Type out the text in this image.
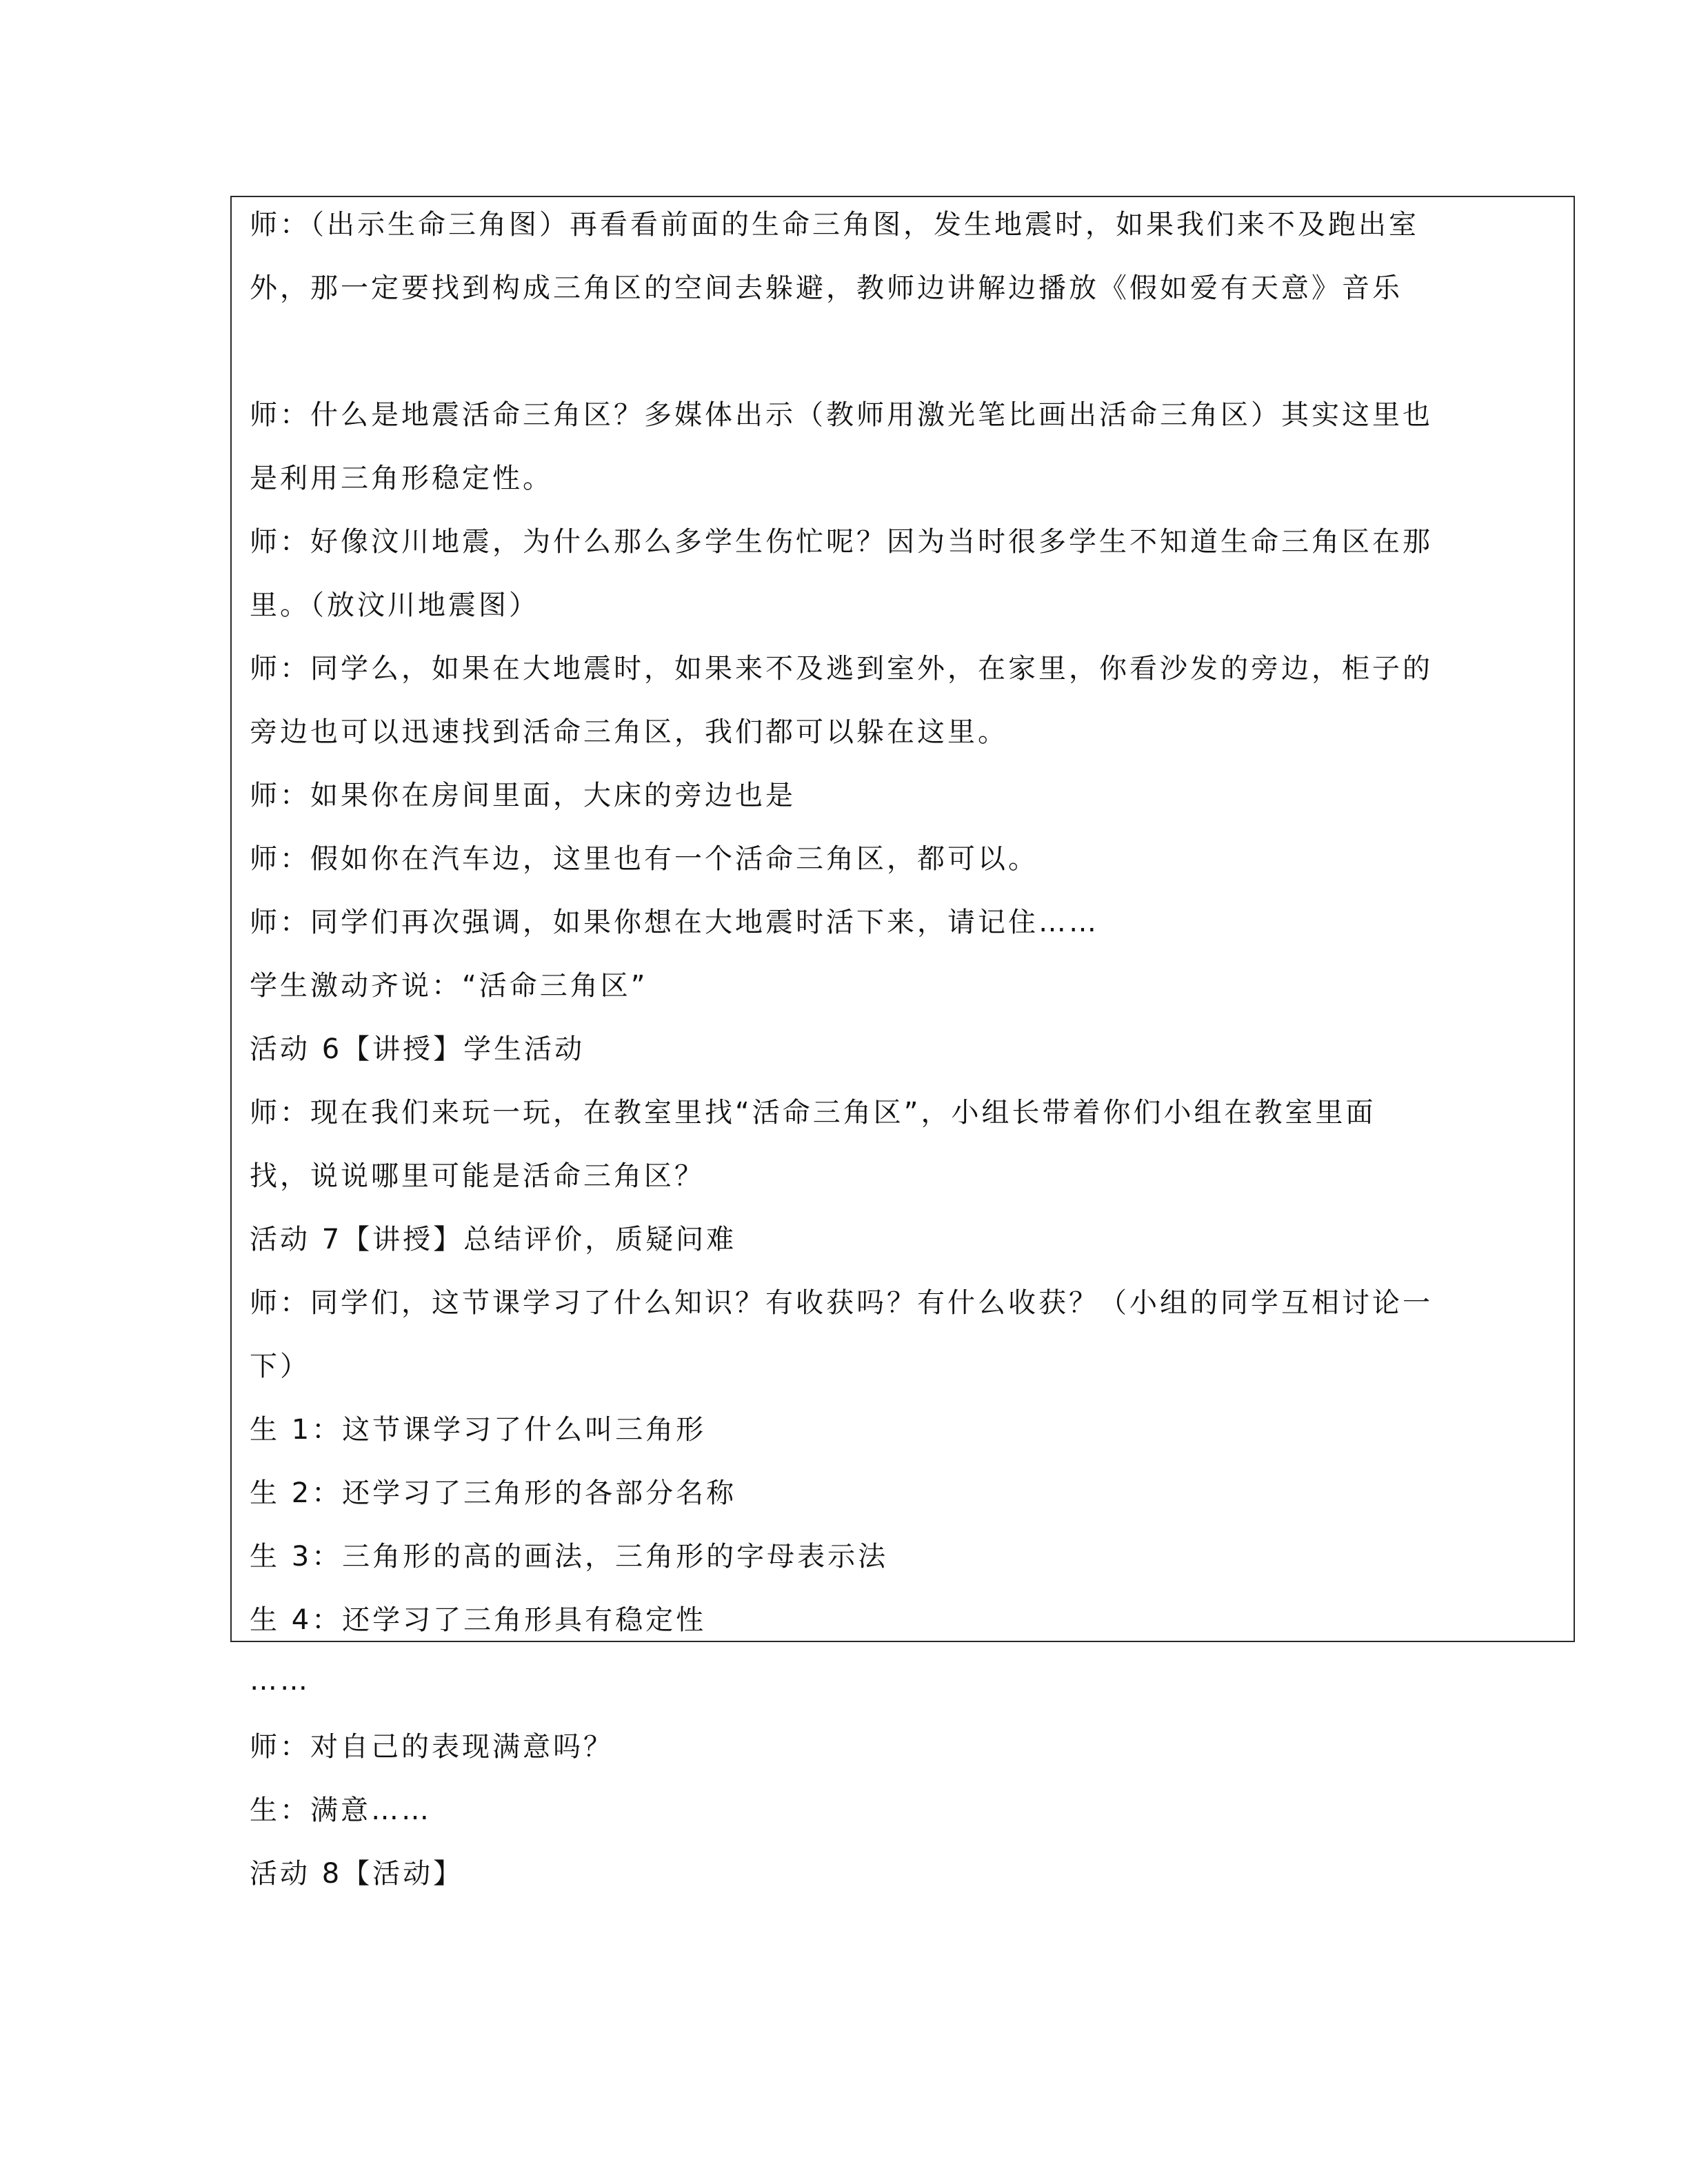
师：（出示生命三角图）再看看前面的生命三角图，发生地震时，如果我们来不及跑出室
外，那一定要找到构成三角区的空间去躲避，教师边讲解边播放《假如爱有天意》音乐
师：什么是地震活命三角区？多媒体出示（教师用激光笔比画出活命三角区）其实这里也
是利用三角形稳定性。
师：好像汶川地震，为什么那么多学生伤忙呢？因为当时很多学生不知道生命三角区在那
里。（放汶川地震图）
师：同学么，如果在大地震时，如果来不及逃到室外，在家里，你看沙发的旁边，柜子的
旁边也可以迅速找到活命三角区，我们都可以躲在这里。
师：如果你在房间里面，大床的旁边也是
师：假如你在汽车边，这里也有一个活命三角区，都可以。
师：同学们再次强调，如果你想在大地震时活下来，请记住……
学生激动齐说：“活命三角区”
活动 6【讲授】学生活动
师：现在我们来玩一玩，在教室里找“活命三角区”，小组长带着你们小组在教室里面
找，说说哪里可能是活命三角区？
活动 7【讲授】总结评价，质疑问难
师：同学们，这节课学习了什么知识？有收获吗？有什么收获？（小组的同学互相讨论一
下）
生 1：这节课学习了什么叫三角形
生 2：还学习了三角形的各部分名称
生 3：三角形的高的画法，三角形的字母表示法
生 4：还学习了三角形具有稳定性
……
师：对自己的表现满意吗？
生：满意……
活动 8【活动】
